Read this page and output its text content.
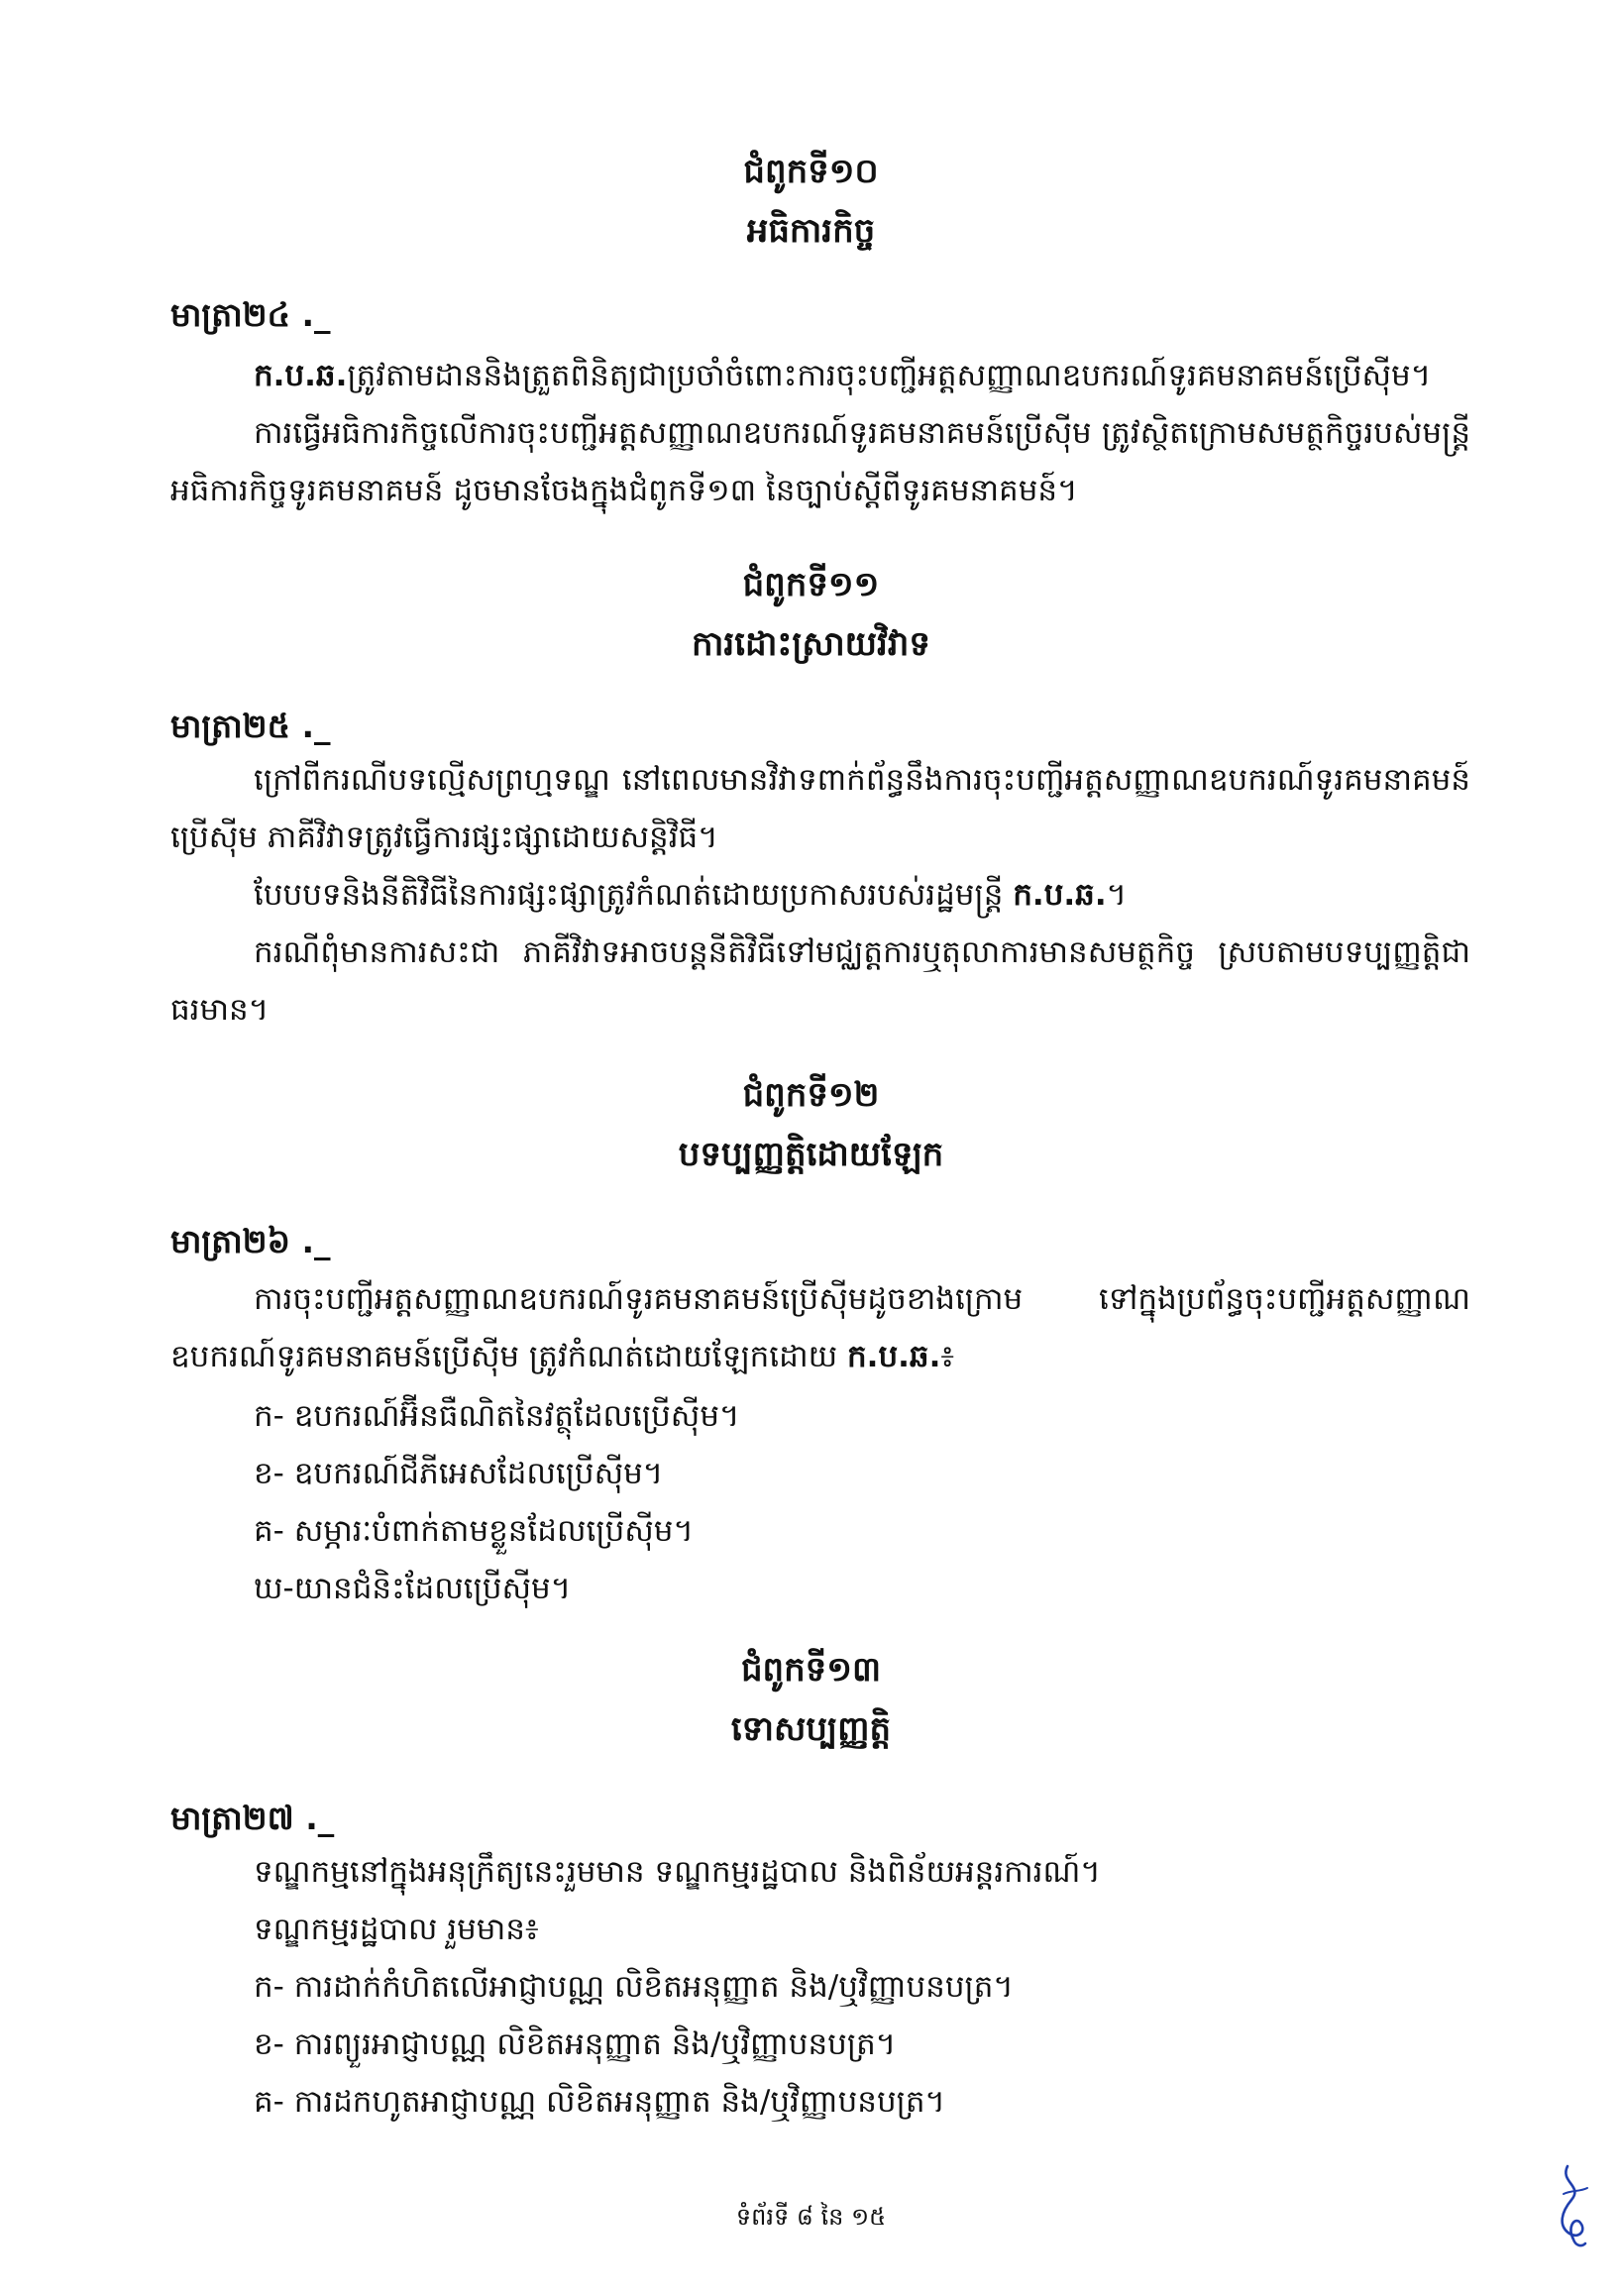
ជំពូកទី១០
អធិការកិច្ច
មាត្រា២៤ ._

ក.ប.ឆ.ត្រូវតាមដាននិងត្រួតពិនិត្យជាប្រចាំចំពោះការចុះបញ្ជីអត្តសញ្ញាណឧបករណ៍ទូរគមនាគមន៍ប្រើស៊ីម។

ការធ្វើអធិការកិច្ចលើការចុះបញ្ជីអត្តសញ្ញាណឧបករណ៍ទូរគមនាគមន៍ប្រើស៊ីម ត្រូវស្ថិតក្រោមសមត្ថកិច្ចរបស់មន្ត្រីអធិការកិច្ចទូរគមនាគមន៍ ដូចមានចែងក្នុងជំពូកទី១៣ នៃច្បាប់ស្ដីពីទូរគមនាគមន៍។

ជំពូកទី១១
ការដោះស្រាយវិវាទ
មាត្រា២៥ ._

ក្រៅពីករណីបទល្មើសព្រហ្មទណ្ឌ នៅពេលមានវិវាទពាក់ព័ន្ធនឹងការចុះបញ្ជីអត្តសញ្ញាណឧបករណ៍ទូរគមនាគមន៍ប្រើស៊ីម ភាគីវិវាទត្រូវធ្វើការផ្សះផ្សាដោយសន្តិវិធី។

បែបបទនិងនីតិវិធីនៃការផ្សះផ្សាត្រូវកំណត់ដោយប្រកាសរបស់រដ្ឋមន្ត្រី ក.ប.ឆ.។

ករណីពុំមានការសះជា ភាគីវិវាទអាចបន្តនីតិវិធីទៅមជ្ឈត្តការឬតុលាការមានសមត្ថកិច្ច ស្របតាមបទប្បញ្ញត្តិជាធរមាន។

ជំពូកទី១២
បទប្បញ្ញត្តិដោយឡែក
មាត្រា២៦ ._

ការចុះបញ្ជីអត្តសញ្ញាណឧបករណ៍ទូរគមនាគមន៍ប្រើស៊ីមដូចខាងក្រោម ទៅក្នុងប្រព័ន្ធចុះបញ្ជីអត្តសញ្ញាណឧបករណ៍ទូរគមនាគមន៍ប្រើស៊ីម ត្រូវកំណត់ដោយឡែកដោយ ក.ប.ឆ.៖

ក- ឧបករណ៍អ៊ីនធឺណិតនៃវត្ថុដែលប្រើស៊ីម។
ខ- ឧបករណ៍ជីភីអេសដែលប្រើស៊ីម។
គ- សម្ភារៈបំពាក់តាមខ្លួនដែលប្រើស៊ីម។
ឃ-យានជំនិះដែលប្រើស៊ីម។
ជំពូកទី១៣
ទោសប្បញ្ញត្តិ
មាត្រា២៧ ._

ទណ្ឌកម្មនៅក្នុងអនុក្រឹត្យនេះរួមមាន ទណ្ឌកម្មរដ្ឋបាល និងពិន័យអន្តរការណ៍។

ទណ្ឌកម្មរដ្ឋបាល រួមមាន៖

ក- ការដាក់កំហិតលើអាជ្ញាបណ្ណ លិខិតអនុញ្ញាត និង/ឬវិញ្ញាបនបត្រ។
ខ- ការព្យួរអាជ្ញាបណ្ណ លិខិតអនុញ្ញាត និង/ឬវិញ្ញាបនបត្រ។
គ- ការដកហូតអាជ្ញាបណ្ណ លិខិតអនុញ្ញាត និង/ឬវិញ្ញាបនបត្រ។
ទំព័រទី ៨ នៃ ១៥
